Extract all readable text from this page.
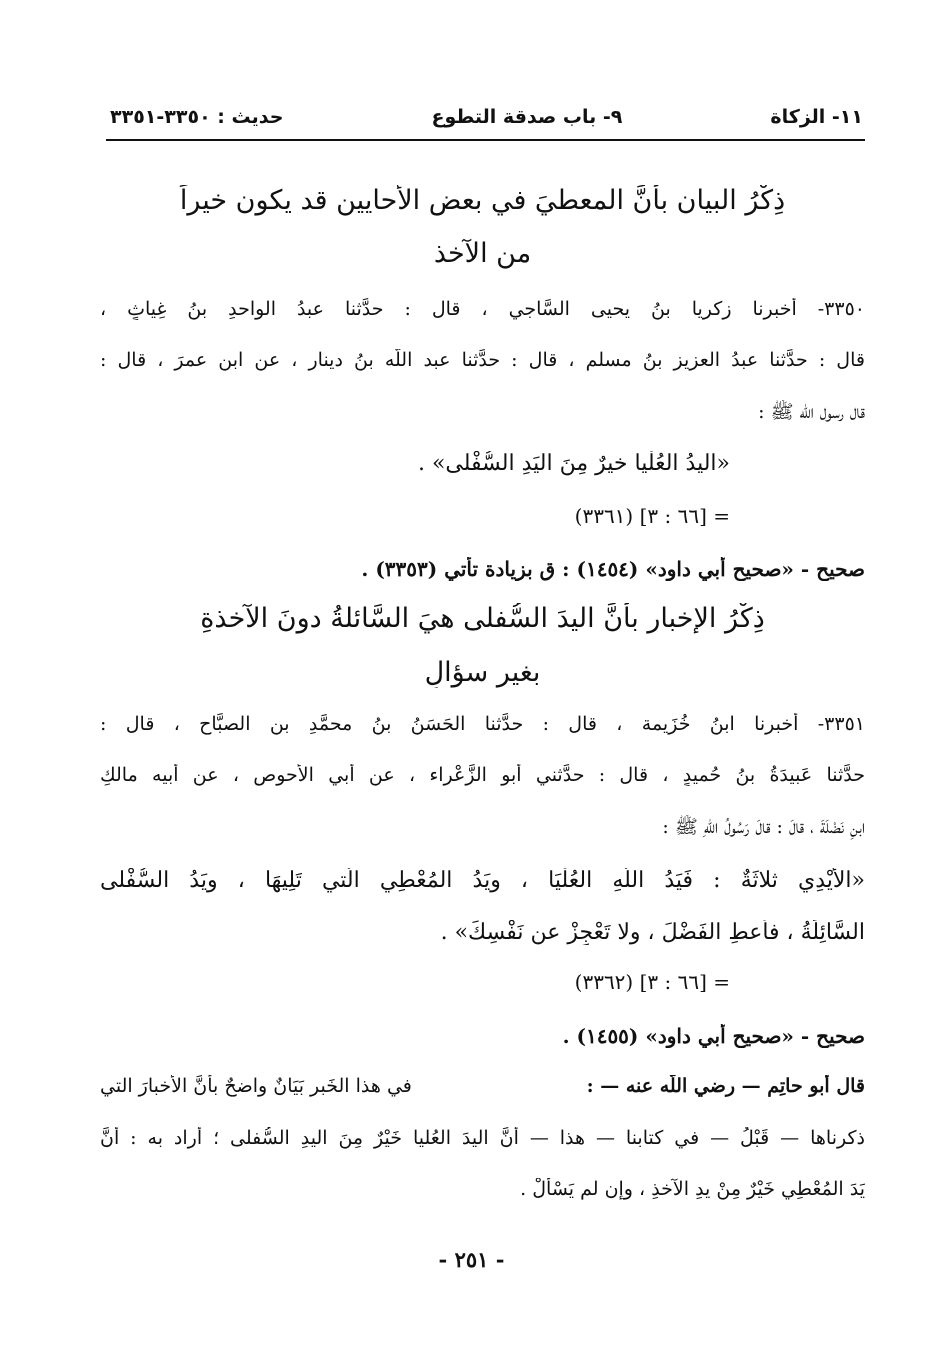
١١- الزكاة
٩- باب صدقة التطوع
حديث : ٣٣٥٠-٣٣٥١
ذِكْرُ البيان بأنَّ المعطيَ في بعض الأحايين قد يكون خيراً
من الآخذ
٣٣٥٠- أخبرنا زكريا بنُ يحيى السَّاجي ، قال : حدَّثنا عبدُ الواحدِ بنُ غِياثٍ ،
قال : حدَّثنا عبدُ العزيز بنُ مسلمٍ ، قال : حدَّثنا عبد اللّه بنُ دينار ، عن ابن عمرَ ، قال :
قال رسول اللّه ﷺ :
«اليدُ العُلْيا خيرٌ مِنَ اليَدِ السُّفْلى» .
= [٦٦ : ٣] (٣٣٦١)
صحيح - «صحيح أبي داود» (١٤٥٤) : ق بزيادة تأتي (٣٣٥٣) .
ذِكْرُ الإخبارِ بأنَّ اليدَ السُّفلى هيَ السَّائلةُ دونَ الآخذةِ
بغيرِ سؤالٍ
٣٣٥١- أخبرنا ابنُ خُزَيمة ، قال : حدَّثنا الحَسَنُ بنُ محمَّدِ بنِ الصبَّاح ، قال :
حدَّثنا عَبيدَةُ بنُ حُميدٍ ، قال : حدَّثني أبو الزَّعْراء ، عن أبي الأحوص ، عن أبيه مالكِ
ابنِ نَضْلَةَ ، قالَ : قالَ رَسُولُ اللّهِ ﷺ :
«الأَيْدِي ثلاثَةٌ : فَيَدُ اللّهِ العُلْيَا ، ويَدُ المُعْطِي الَّتي تَلِيهَا ، ويَدُ السُّفْلى
السَّائِلَةُ ، فأعطِ الفَضْلَ ، ولا تَعْجِزْ عن نَفْسِكَ» .
= [٦٦ : ٣] (٣٣٦٢)
صحيح - «صحيح أبي داود» (١٤٥٥) .
قال أبو حاتِم — رضي اللّه عنه — :
في هذا الخَبرِ بَيَانٌ واضحٌ بأنَّ الأخبارَ التي
ذكرناها — قَبْلُ — في كتابنا — هذا — أنَّ اليدَ العُليا خَيْرٌ مِنَ اليدِ السُّفلى ؛ أراد به : أنَّ
يَدَ المُعْطِي خَيْرٌ مِنْ يدِ الآخذِ ، وإن لم يَسْأَلْ .
- ٢٥١ -
